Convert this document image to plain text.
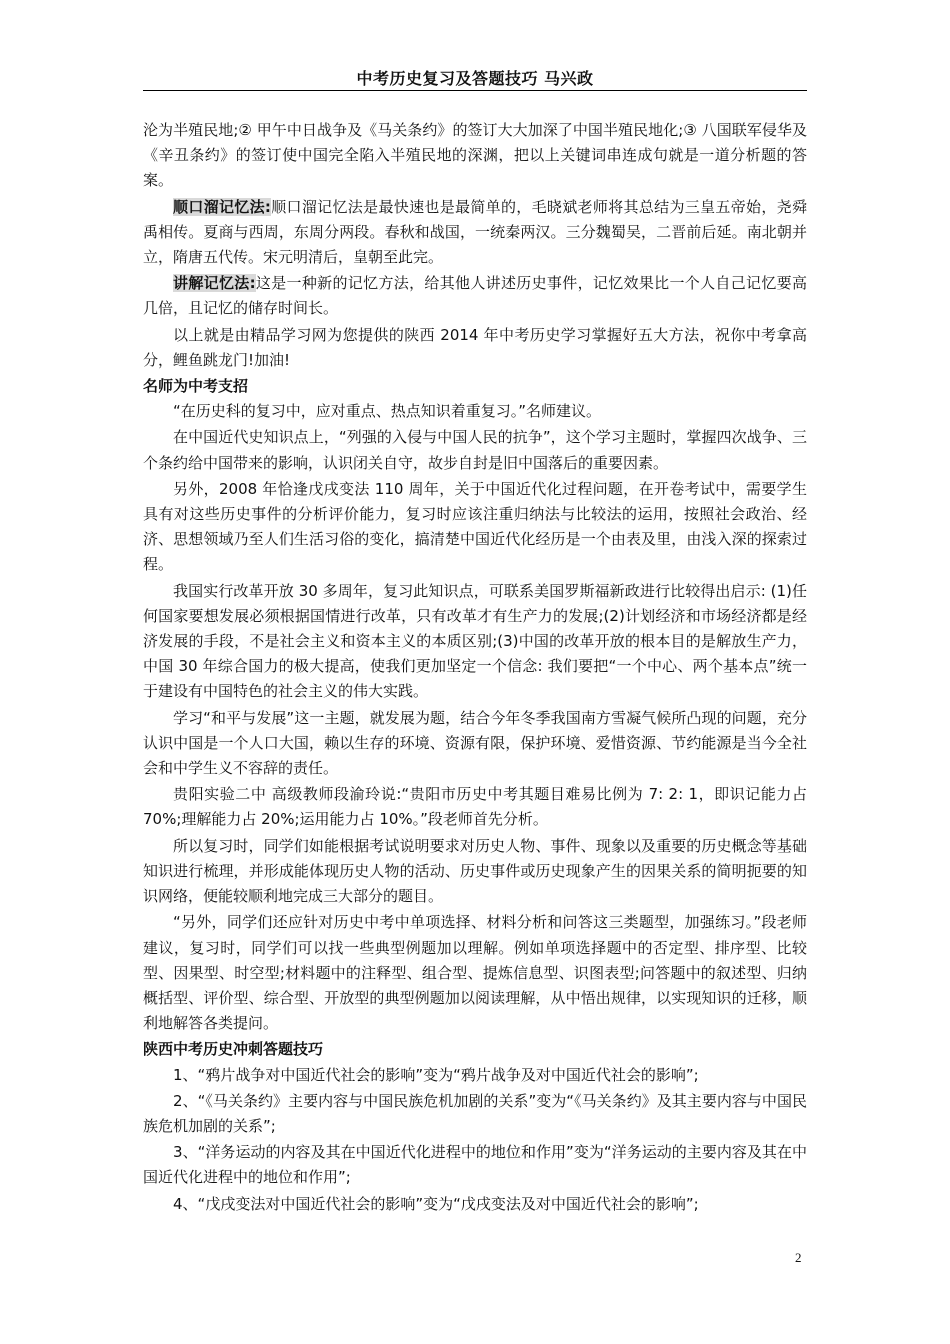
中考历史复习及答题技巧 马兴政

沦为半殖民地;② 甲午中日战争及《马关条约》的签订大大加深了中国半殖民地化;③ 八国联军侵华及《辛丑条约》的签订使中国完全陷入半殖民地的深渊，把以上关键词串连成句就是一道分析题的答案。

顺口溜记忆法:顺口溜记忆法是最快速也是最简单的，毛晓斌老师将其总结为三皇五帝始，尧舜禹相传。夏商与西周，东周分两段。春秋和战国，一统秦两汉。三分魏蜀吴，二晋前后延。南北朝并立，隋唐五代传。宋元明清后，皇朝至此完。

讲解记忆法:这是一种新的记忆方法，给其他人讲述历史事件，记忆效果比一个人自己记忆要高几倍，且记忆的储存时间长。

以上就是由精品学习网为您提供的陕西 2014 年中考历史学习掌握好五大方法，祝你中考拿高分，鲤鱼跳龙门!加油!

名师为中考支招

“在历史科的复习中，应对重点、热点知识着重复习。”名师建议。

在中国近代史知识点上，“列强的入侵与中国人民的抗争”，这个学习主题时，掌握四次战争、三个条约给中国带来的影响，认识闭关自守，故步自封是旧中国落后的重要因素。

另外，2008 年恰逢戊戌变法 110 周年，关于中国近代化过程问题，在开卷考试中，需要学生具有对这些历史事件的分析评价能力，复习时应该注重归纳法与比较法的运用，按照社会政治、经济、思想领域乃至人们生活习俗的变化，搞清楚中国近代化经历是一个由表及里，由浅入深的探索过程。

我国实行改革开放 30 多周年，复习此知识点，可联系美国罗斯福新政进行比较得出启示: (1)任何国家要想发展必须根据国情进行改革，只有改革才有生产力的发展;(2)计划经济和市场经济都是经济发展的手段，不是社会主义和资本主义的本质区别;(3)中国的改革开放的根本目的是解放生产力，中国 30 年综合国力的极大提高，使我们更加坚定一个信念: 我们要把“一个中心、两个基本点”统一于建设有中国特色的社会主义的伟大实践。

学习“和平与发展”这一主题，就发展为题，结合今年冬季我国南方雪凝气候所凸现的问题，充分认识中国是一个人口大国，赖以生存的环境、资源有限，保护环境、爱惜资源、节约能源是当今全社会和中学生义不容辞的责任。

贵阳实验二中 高级教师段渝玲说:“贵阳市历史中考其题目难易比例为 7: 2: 1，即识记能力占 70%;理解能力占 20%;运用能力占 10%。”段老师首先分析。

所以复习时，同学们如能根据考试说明要求对历史人物、事件、现象以及重要的历史概念等基础知识进行梳理，并形成能体现历史人物的活动、历史事件或历史现象产生的因果关系的简明扼要的知识网络，便能较顺利地完成三大部分的题目。

“另外，同学们还应针对历史中考中单项选择、材料分析和问答这三类题型，加强练习。”段老师建议，复习时，同学们可以找一些典型例题加以理解。例如单项选择题中的否定型、排序型、比较型、因果型、时空型;材料题中的注释型、组合型、提炼信息型、识图表型;问答题中的叙述型、归纳概括型、评价型、综合型、开放型的典型例题加以阅读理解，从中悟出规律，以实现知识的迁移，顺利地解答各类提问。

陕西中考历史冲刺答题技巧

1、“鸦片战争对中国近代社会的影响”变为“鸦片战争及对中国近代社会的影响”;

2、“《马关条约》主要内容与中国民族危机加剧的关系”变为“《马关条约》及其主要内容与中国民族危机加剧的关系”;

3、“洋务运动的内容及其在中国近代化进程中的地位和作用”变为“洋务运动的主要内容及其在中国近代化进程中的地位和作用”;

4、“戊戌变法对中国近代社会的影响”变为“戊戌变法及对中国近代社会的影响”;

2
